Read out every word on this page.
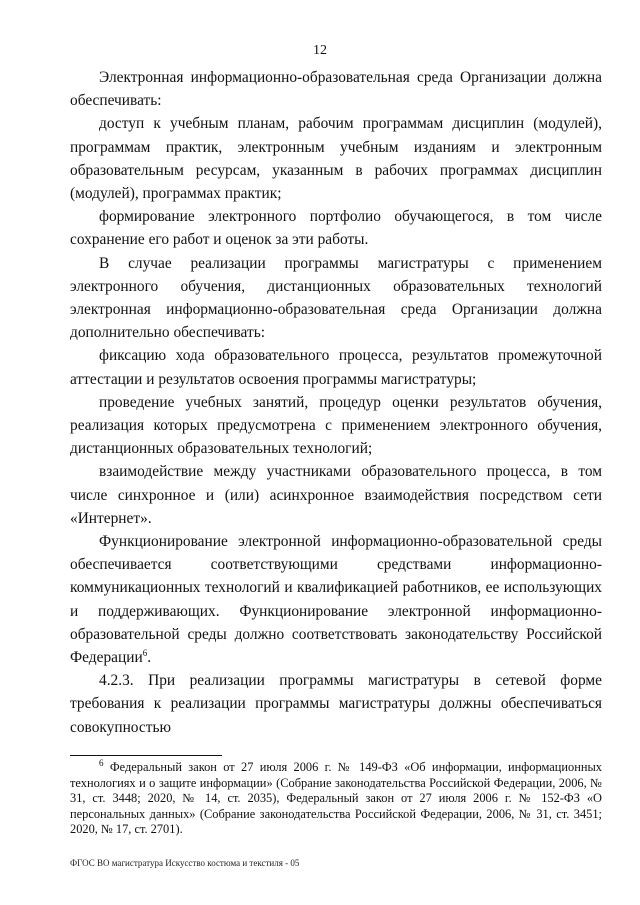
12

Электронная информационно-образовательная среда Организации должна обеспечивать:

доступ к учебным планам, рабочим программам дисциплин (модулей), программам практик, электронным учебным изданиям и электронным образовательным ресурсам, указанным в рабочих программах дисциплин (модулей), программах практик;

формирование электронного портфолио обучающегося, в том числе сохранение его работ и оценок за эти работы.

В случае реализации программы магистратуры с применением электронного обучения, дистанционных образовательных технологий электронная информационно-образовательная среда Организации должна дополнительно обеспечивать:

фиксацию хода образовательного процесса, результатов промежуточной аттестации и результатов освоения программы магистратуры;

проведение учебных занятий, процедур оценки результатов обучения, реализация которых предусмотрена с применением электронного обучения, дистанционных образовательных технологий;

взаимодействие между участниками образовательного процесса, в том числе синхронное и (или) асинхронное взаимодействия посредством сети «Интернет».

Функционирование электронной информационно-образовательной среды обеспечивается соответствующими средствами информационно-коммуникационных технологий и квалификацией работников, ее использующих и поддерживающих. Функционирование электронной информационно-образовательной среды должно соответствовать законодательству Российской Федерации$^6$.

4.2.3. При реализации программы магистратуры в сетевой форме требования к реализации программы магистратуры должны обеспечиваться совокупностью

$^6$ Федеральный закон от 27 июля 2006 г. № 149-ФЗ «Об информации, информационных технологиях и о защите информации» (Собрание законодательства Российской Федерации, 2006, № 31, ст. 3448; 2020, № 14, ст. 2035), Федеральный закон от 27 июля 2006 г. № 152-ФЗ «О персональных данных» (Собрание законодательства Российской Федерации, 2006, № 31, ст. 3451; 2020, № 17, ст. 2701).
ФГОС ВО магистратура Искусство костюма и текстиля - 05
